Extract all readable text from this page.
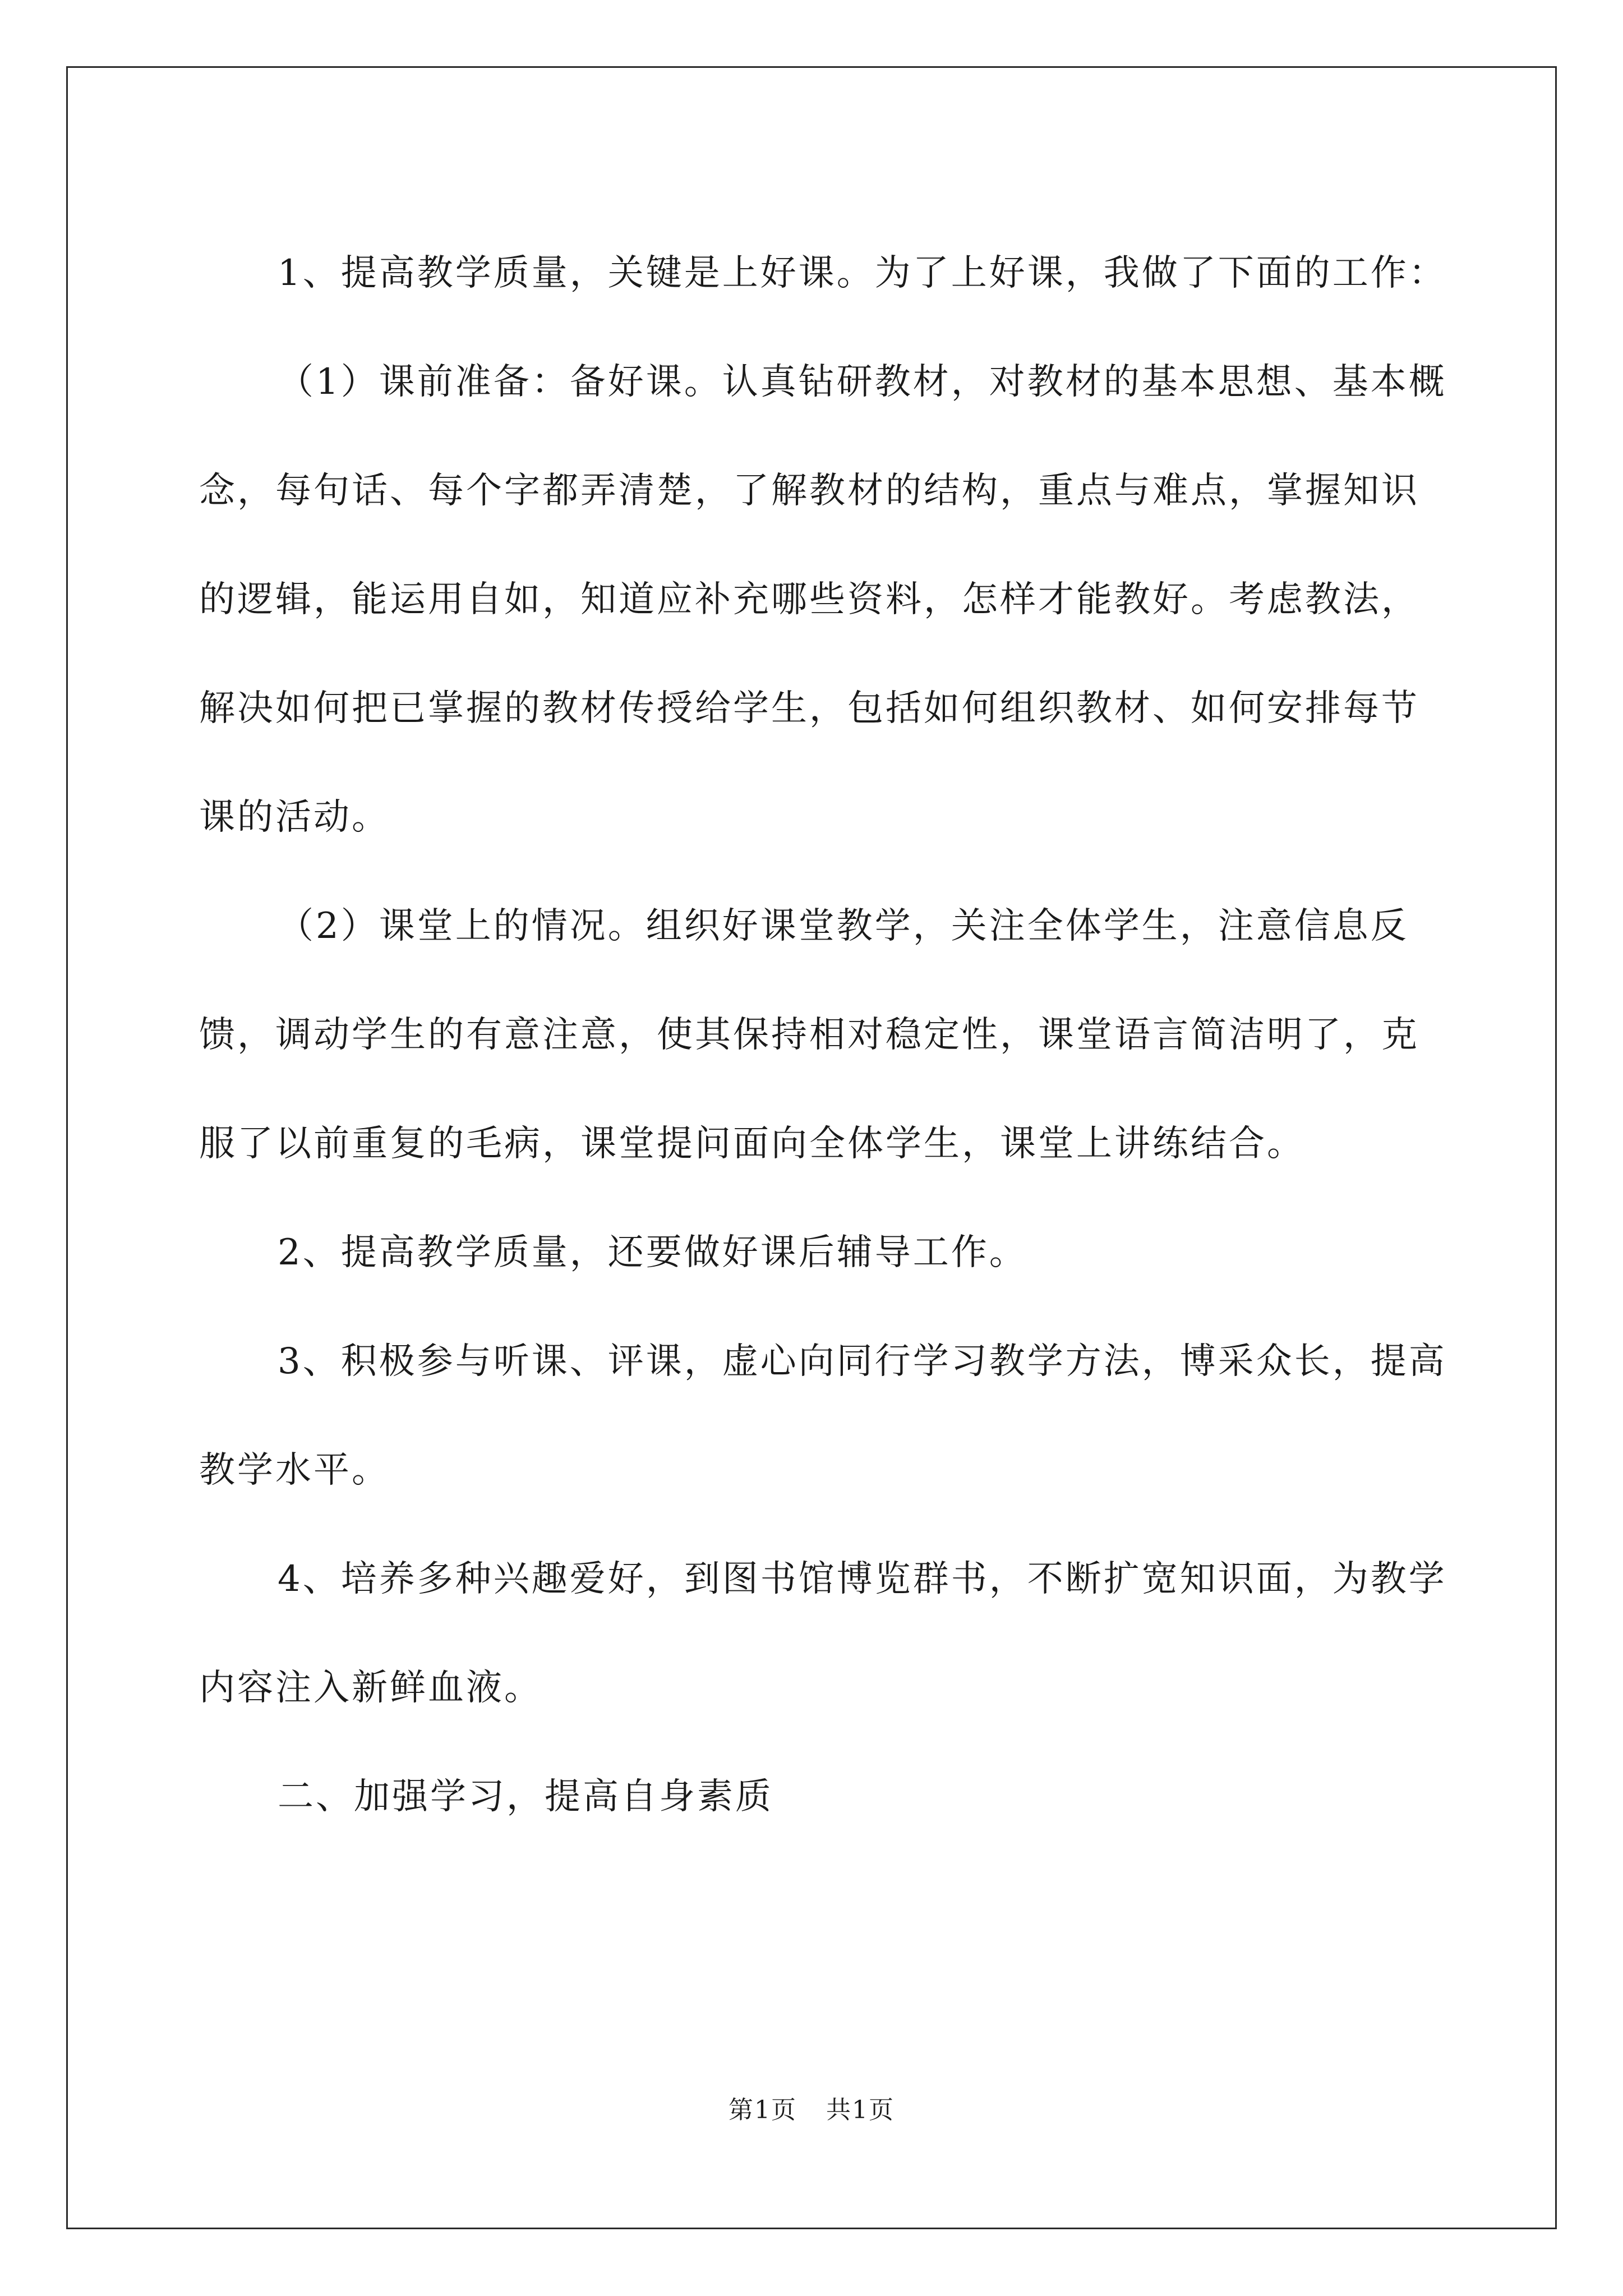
1、提高教学质量，关键是上好课。为了上好课，我做了下面的工作：

（1）课前准备：备好课。认真钻研教材，对教材的基本思想、基本概念，每句话、每个字都弄清楚，了解教材的结构，重点与难点，掌握知识的逻辑，能运用自如，知道应补充哪些资料，怎样才能教好。考虑教法，解决如何把已掌握的教材传授给学生，包括如何组织教材、如何安排每节课的活动。

（2）课堂上的情况。组织好课堂教学，关注全体学生，注意信息反馈，调动学生的有意注意，使其保持相对稳定性，课堂语言简洁明了，克服了以前重复的毛病，课堂提问面向全体学生，课堂上讲练结合。

2、提高教学质量，还要做好课后辅导工作。

3、积极参与听课、评课，虚心向同行学习教学方法，博采众长，提高教学水平。

4、培养多种兴趣爱好，到图书馆博览群书，不断扩宽知识面，为教学内容注入新鲜血液。

二、加强学习，提高自身素质

第1页 共1页
